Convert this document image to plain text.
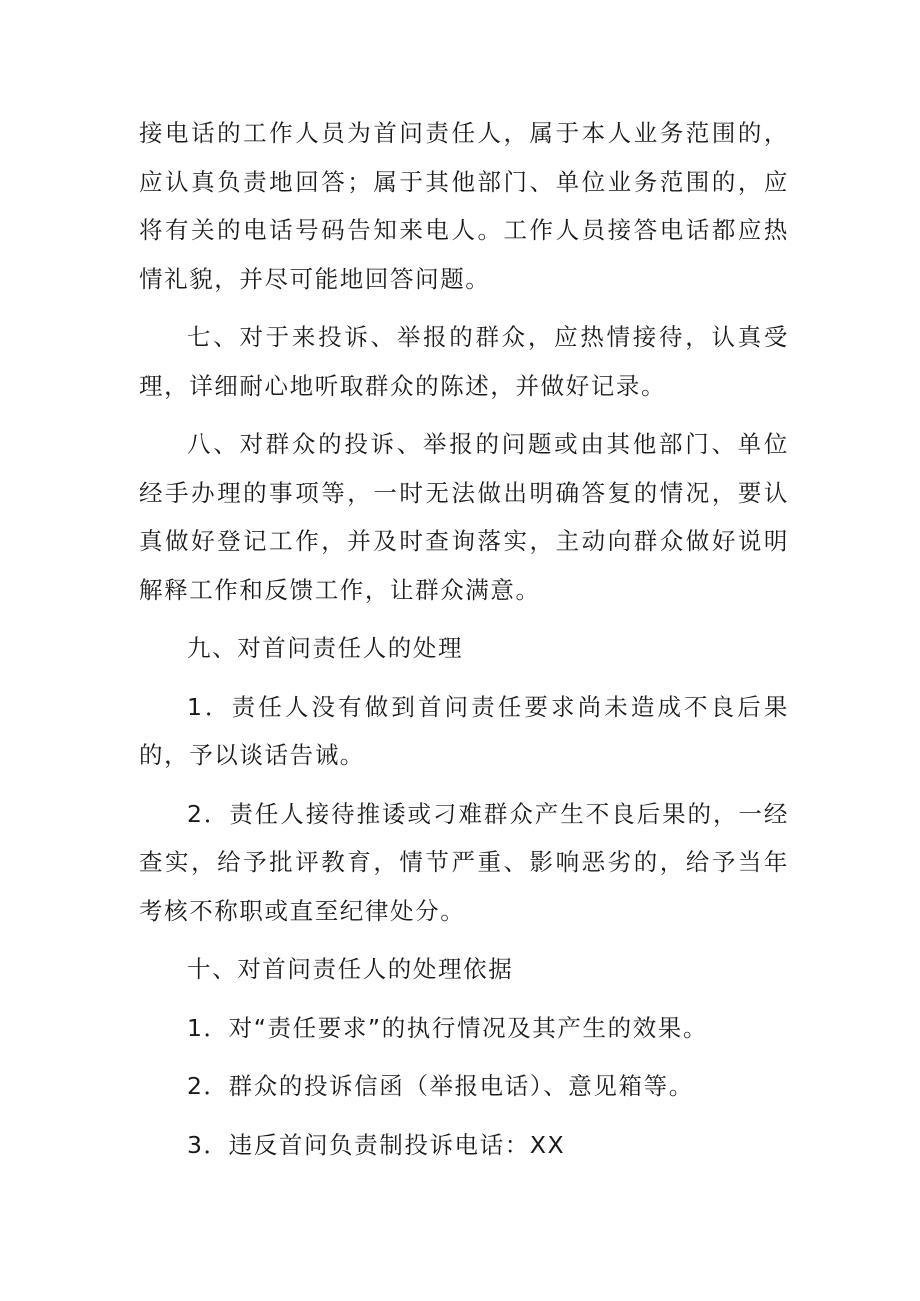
接电话的工作人员为首问责任人，属于本人业务范围的，应认真负责地回答；属于其他部门、单位业务范围的，应将有关的电话号码告知来电人。工作人员接答电话都应热情礼貌，并尽可能地回答问题。

七、对于来投诉、举报的群众，应热情接待，认真受理，详细耐心地听取群众的陈述，并做好记录。

八、对群众的投诉、举报的问题或由其他部门、单位经手办理的事项等，一时无法做出明确答复的情况，要认真做好登记工作，并及时查询落实，主动向群众做好说明解释工作和反馈工作，让群众满意。

九、对首问责任人的处理

1．责任人没有做到首问责任要求尚未造成不良后果的，予以谈话告诫。

2．责任人接待推诿或刁难群众产生不良后果的，一经查实，给予批评教育，情节严重、影响恶劣的，给予当年考核不称职或直至纪律处分。

十、对首问责任人的处理依据

1．对“责任要求”的执行情况及其产生的效果。

2．群众的投诉信函（举报电话）、意见箱等。

3．违反首问负责制投诉电话：XX
